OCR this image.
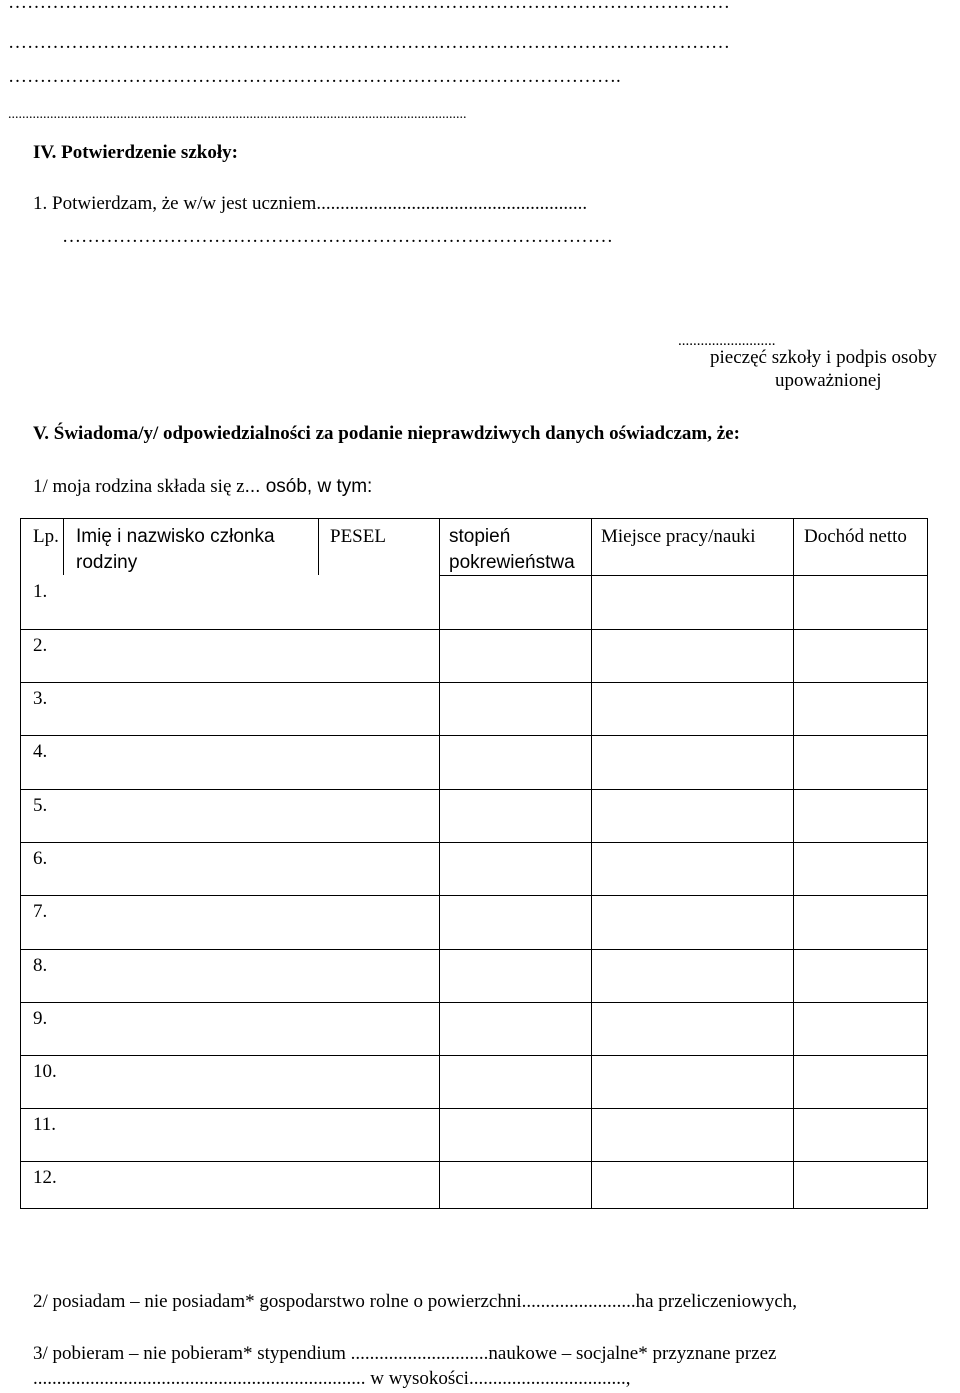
……………………………………………………………………………………………………
……………………………………………………………………………………………………
…………………………………………………………………………………….
...................................................................................................................................
IV. Potwierdzenie szkoły:
1. Potwierdzam, że w/w jest uczniem.........................................................
……………………………………………………………………………
..........................
pieczęć szkoły i podpis osoby
upoważnionej
V. Świadoma/y/ odpowiedzialności za podanie nieprawdziwych danych oświadczam, że:
1/ moja rodzina składa się z... osób, w tym:
Lp. Imię i nazwisko członka
rodziny
PESEL	stopień
pokrewieństwa
Miejsce pracy/nauki	Dochód netto
1.
2.
3.
4.
5.
6.
7.
8.
9.
10.
11.
12.
2/ posiadam – nie posiadam* gospodarstwo rolne o powierzchni........................ha przeliczeniowych,
3/ pobieram – nie pobieram* stypendium .............................naukowe – socjalne* przyznane przez
...................................................................... w wysokości.................................,
